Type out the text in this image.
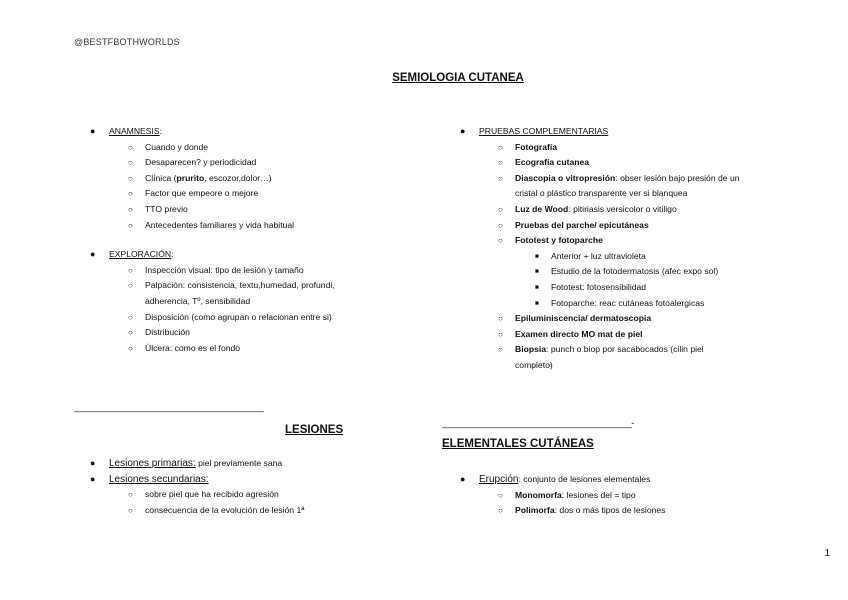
@BESTFBOTHWORLDS
SEMIOLOGIA CUTANEA
● ANAMNESIS:
○ Cuando y donde
○ Desaparecen? y periodicidad
○ Clínica (prurito, escozor,dolor…)
○ Factor que empeore o mejore
○ TTO previo
○ Antecedentes familiares y vida habitual
● EXPLORACIÓN:
○ Inspección visual: tipo de lesión y tamaño
○ Palpación: consistencia, textu,humedad, profundi,
adherencia, Tº, sensibilidad
○ Disposición (como agrupan o relacionan entre si)
○ Distribución
○ Úlcera: como es el fondo
● PRUEBAS COMPLEMENTARIAS
○ Fotografía
○ Ecografía cutanea
○ Diascopia o vitropresión: obser lesión bajo presión de un
cristal o plástico transparente ver si blanquea
○ Luz de Wood: pitiriasis versicolor o vitiligo
○ Pruebas del parche/ epicutáneas
○ Fototest y fotoparche
■ Anterior + luz ultravioleta
■ Estudio de la fotodermatosis (afec expo sol)
■ Fototest: fotosensibilidad
■ Fotoparche: reac cutáneas fotoalergicas
○ Epiluminiscencia/ dermatoscopia
○ Examen directo MO mat de piel
○ Biopsia: punch o biop por sacabocados (cilin piel
completo)
__________________________________________
__________________________________________-
LESIONES
● Lesiones primarias: piel previamente sana
● Lesiones secundarias:
○ sobre piel que ha recibido agresión
○ consecuencia de la evolución de lesión 1ª
ELEMENTALES CUTÁNEAS
● Erupción: conjunto de lesiones elementales
○ Monomorfa: lesiones del = tipo
○ Polimorfa: dos o más tipos de lesiones
1
